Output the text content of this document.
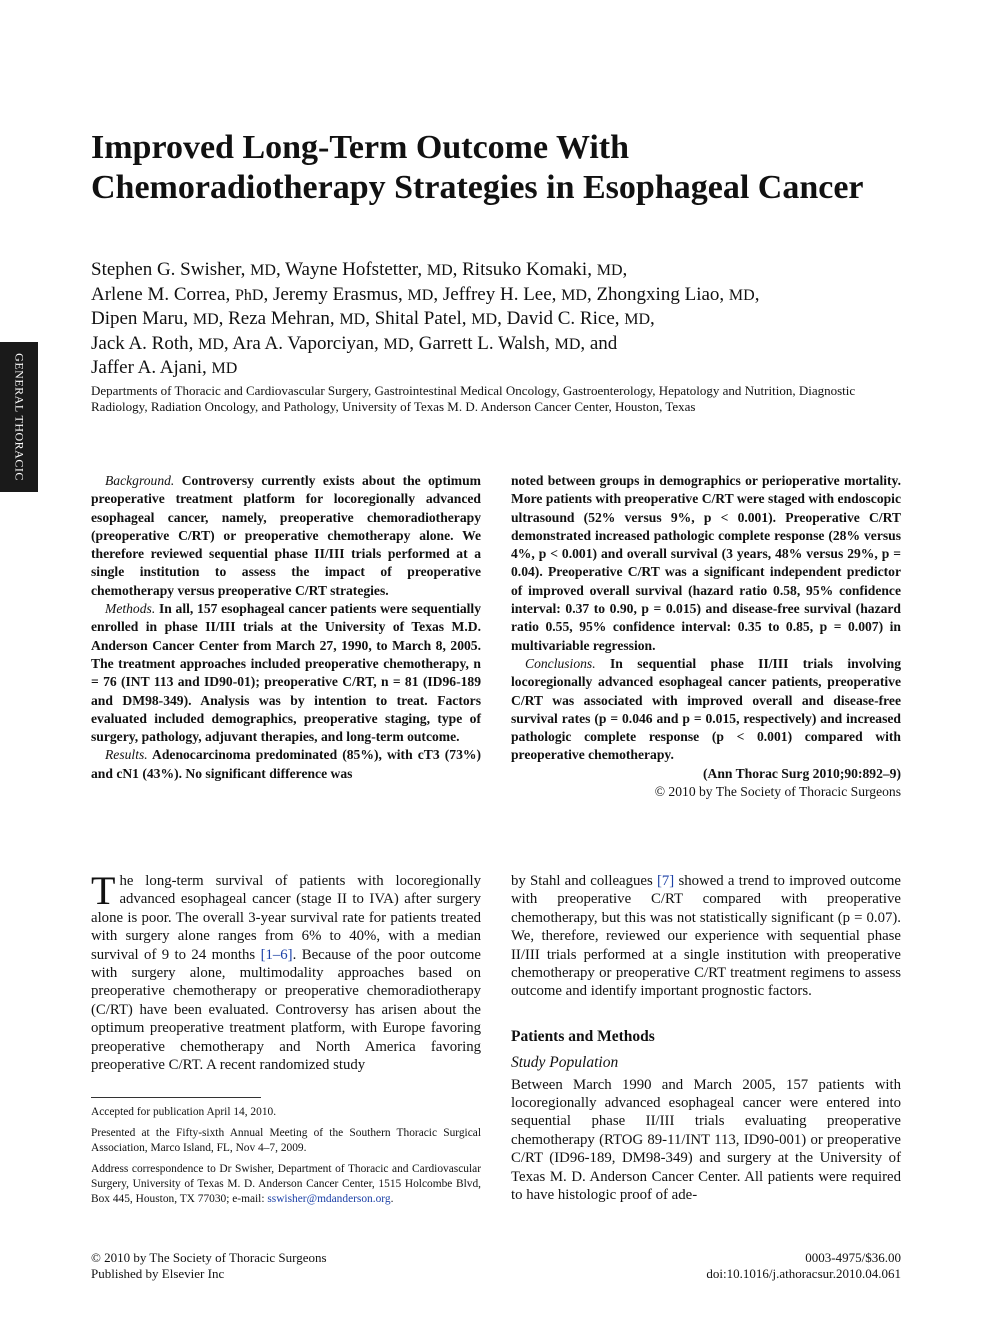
GENERAL THORACIC
Improved Long-Term Outcome With Chemoradiotherapy Strategies in Esophageal Cancer
Stephen G. Swisher, MD, Wayne Hofstetter, MD, Ritsuko Komaki, MD,
Arlene M. Correa, PhD, Jeremy Erasmus, MD, Jeffrey H. Lee, MD, Zhongxing Liao, MD,
Dipen Maru, MD, Reza Mehran, MD, Shital Patel, MD, David C. Rice, MD,
Jack A. Roth, MD, Ara A. Vaporciyan, MD, Garrett L. Walsh, MD, and
Jaffer A. Ajani, MD
Departments of Thoracic and Cardiovascular Surgery, Gastrointestinal Medical Oncology, Gastroenterology, Hepatology and Nutrition, Diagnostic Radiology, Radiation Oncology, and Pathology, University of Texas M. D. Anderson Cancer Center, Houston, Texas

Background. Controversy currently exists about the optimum preoperative treatment platform for locoregionally advanced esophageal cancer, namely, preoperative chemoradiotherapy (preoperative C/RT) or preoperative chemotherapy alone. We therefore reviewed sequential phase II/III trials performed at a single institution to assess the impact of preoperative chemotherapy versus preoperative C/RT strategies.

Methods. In all, 157 esophageal cancer patients were sequentially enrolled in phase II/III trials at the University of Texas M.D. Anderson Cancer Center from March 27, 1990, to March 8, 2005. The treatment approaches included preoperative chemotherapy, n = 76 (INT 113 and ID90-01); preoperative C/RT, n = 81 (ID96-189 and DM98-349). Analysis was by intention to treat. Factors evaluated included demographics, preoperative staging, type of surgery, pathology, adjuvant therapies, and long-term outcome.

Results. Adenocarcinoma predominated (85%), with cT3 (73%) and cN1 (43%). No significant difference was

noted between groups in demographics or perioperative mortality. More patients with preoperative C/RT were staged with endoscopic ultrasound (52% versus 9%, p < 0.001). Preoperative C/RT demonstrated increased pathologic complete response (28% versus 4%, p < 0.001) and overall survival (3 years, 48% versus 29%, p = 0.04). Preoperative C/RT was a significant independent predictor of improved overall survival (hazard ratio 0.58, 95% confidence interval: 0.37 to 0.90, p = 0.015) and disease-free survival (hazard ratio 0.55, 95% confidence interval: 0.35 to 0.85, p = 0.007) in multivariable regression.

Conclusions. In sequential phase II/III trials involving locoregionally advanced esophageal cancer patients, preoperative C/RT was associated with improved overall and disease-free survival rates (p = 0.046 and p = 0.015, respectively) and increased pathologic complete response (p < 0.001) compared with preoperative chemotherapy.

(Ann Thorac Surg 2010;90:892–9)

© 2010 by The Society of Thoracic Surgeons

The long-term survival of patients with locoregionally advanced esophageal cancer (stage II to IVA) after surgery alone is poor. The overall 3-year survival rate for patients treated with surgery alone ranges from 6% to 40%, with a median survival of 9 to 24 months [1–6]. Because of the poor outcome with surgery alone, multimodality approaches based on preoperative chemotherapy or preoperative chemoradiotherapy (C/RT) have been evaluated. Controversy has arisen about the optimum preoperative treatment platform, with Europe favoring preoperative chemotherapy and North America favoring preoperative C/RT. A recent randomized study

by Stahl and colleagues [7] showed a trend to improved outcome with preoperative C/RT compared with preoperative chemotherapy, but this was not statistically significant (p = 0.07). We, therefore, reviewed our experience with sequential phase II/III trials performed at a single institution with preoperative chemotherapy or preoperative C/RT treatment regimens to assess outcome and identify important prognostic factors.

Patients and Methods

Study Population

Between March 1990 and March 2005, 157 patients with locoregionally advanced esophageal cancer were entered into sequential phase II/III trials evaluating preoperative chemotherapy (RTOG 89-11/INT 113, ID90-001) or preoperative C/RT (ID96-189, DM98-349) and surgery at the University of Texas M. D. Anderson Cancer Center. All patients were required to have histologic proof of ade-

Accepted for publication April 14, 2010.

Presented at the Fifty-sixth Annual Meeting of the Southern Thoracic Surgical Association, Marco Island, FL, Nov 4–7, 2009.

Address correspondence to Dr Swisher, Department of Thoracic and Cardiovascular Surgery, University of Texas M. D. Anderson Cancer Center, 1515 Holcombe Blvd, Box 445, Houston, TX 77030; e-mail: sswisher@mdanderson.org.

© 2010 by The Society of Thoracic Surgeons
Published by Elsevier Inc
0003-4975/$36.00
doi:10.1016/j.athoracsur.2010.04.061
